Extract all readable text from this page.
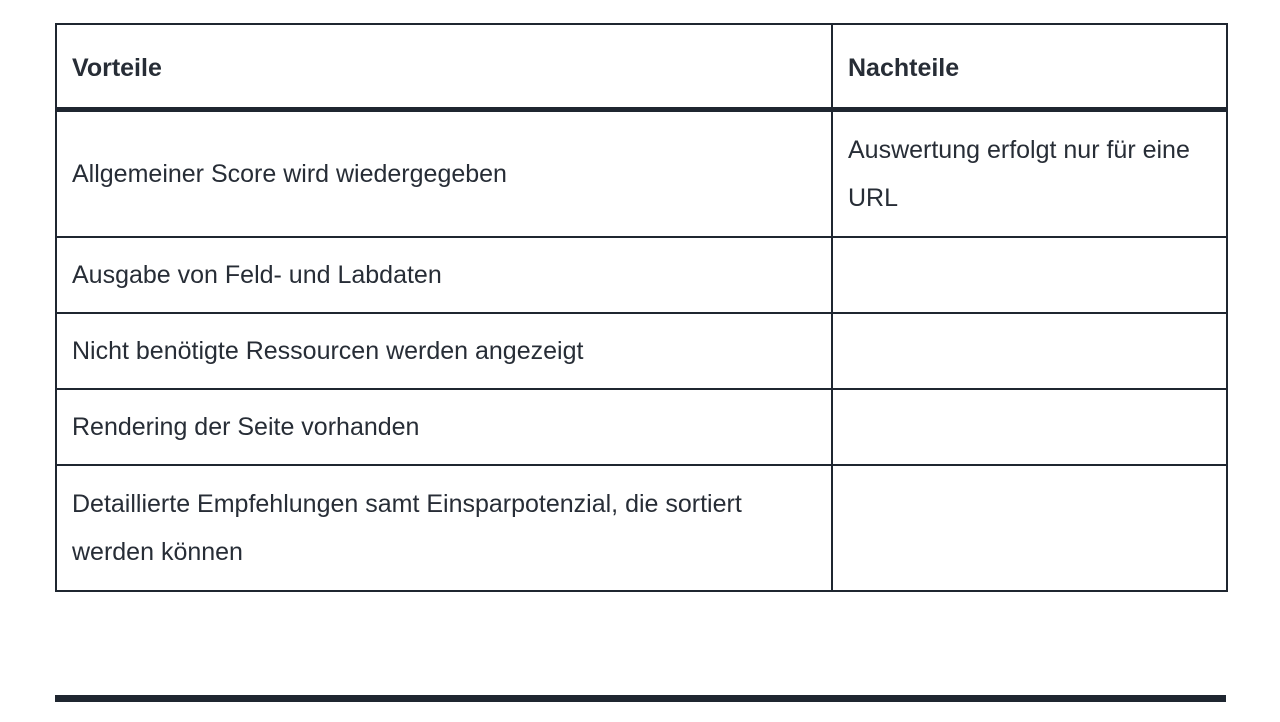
Vorteile	Nachteile
Allgemeiner Score wird wiedergegeben	Auswertung erfolgt nur für eine URL
Ausgabe von Feld- und Labdaten	
Nicht benötigte Ressourcen werden angezeigt	
Rendering der Seite vorhanden	
Detaillierte Empfehlungen samt Einsparpotenzial, die sortiert werden können	
